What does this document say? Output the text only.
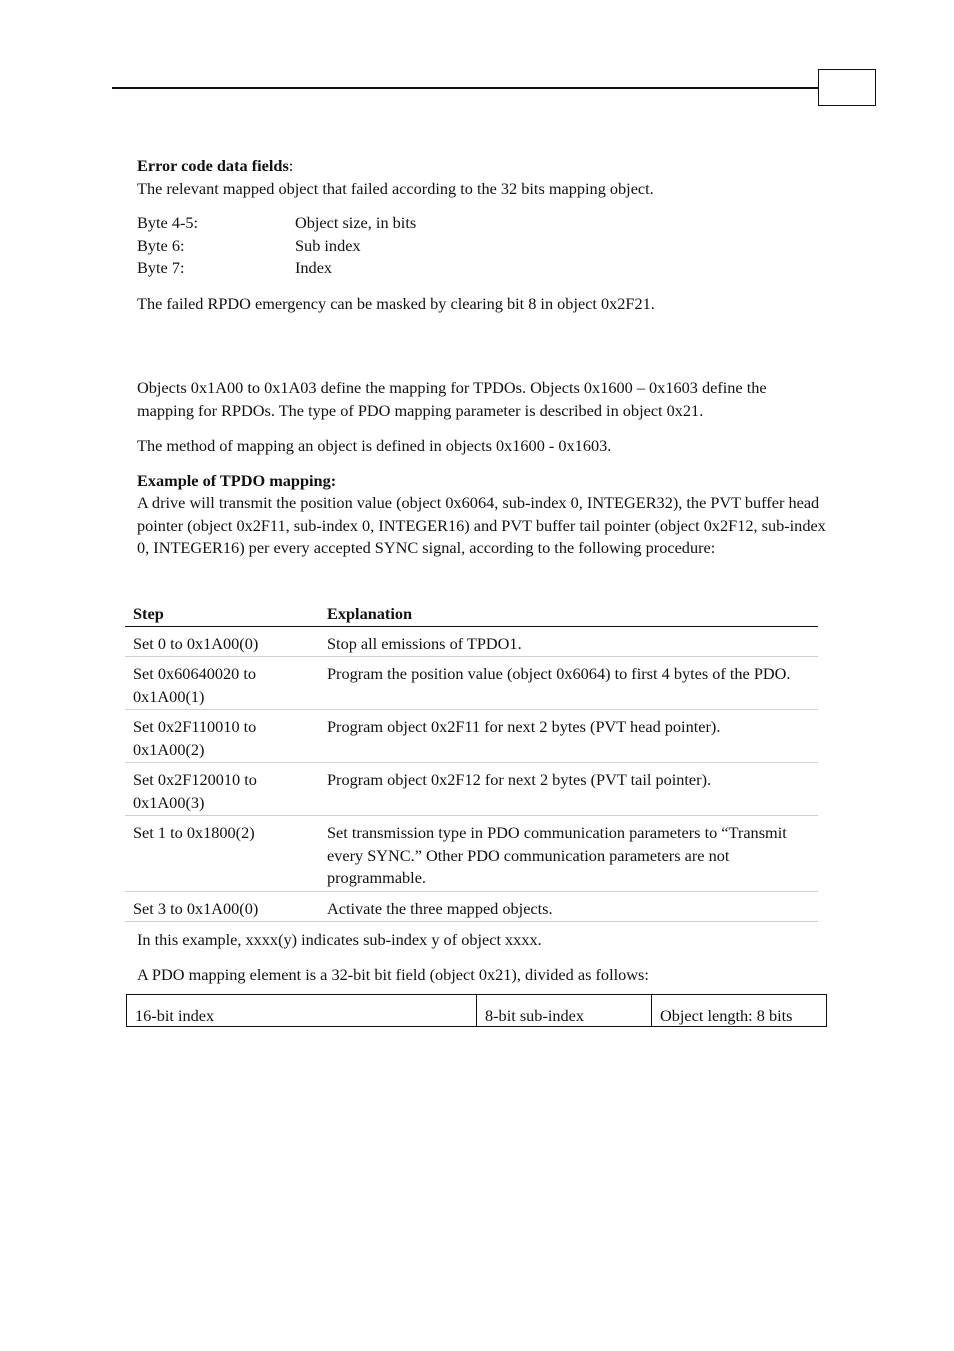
Error code data fields:

The relevant mapped object that failed according to the 32 bits mapping object.

Byte 4-5:	Object size, in bits
Byte 6:	Sub index
Byte 7:	Index

The failed RPDO emergency can be masked by clearing bit 8 in object 0x2F21.

Objects 0x1A00 to 0x1A03 define the mapping for TPDOs. Objects 0x1600 – 0x1603 define the mapping for RPDOs. The type of PDO mapping parameter is described in object 0x21.

The method of mapping an object is defined in objects 0x1600 - 0x1603.

Example of TPDO mapping:

A drive will transmit the position value (object 0x6064, sub-index 0, INTEGER32), the PVT buffer head pointer (object 0x2F11, sub-index 0, INTEGER16) and PVT buffer tail pointer (object 0x2F12, sub-index 0, INTEGER16) per every accepted SYNC signal, according to the following procedure:

Step	Explanation
Set 0 to 0x1A00(0)	Stop all emissions of TPDO1.
Set 0x60640020 to 0x1A00(1)	Program the position value (object 0x6064) to first 4 bytes of the PDO.
Set 0x2F110010 to 0x1A00(2)	Program object 0x2F11 for next 2 bytes (PVT head pointer).
Set 0x2F120010 to 0x1A00(3)	Program object 0x2F12 for next 2 bytes (PVT tail pointer).
Set 1 to 0x1800(2)	Set transmission type in PDO communication parameters to “Transmit every SYNC.” Other PDO communication parameters are not programmable.
Set 3 to 0x1A00(0)	Activate the three mapped objects.

In this example, xxxx(y) indicates sub-index y of object xxxx.

A PDO mapping element is a 32-bit bit field (object 0x21), divided as follows:

16-bit index	8-bit sub-index	Object length: 8 bits
